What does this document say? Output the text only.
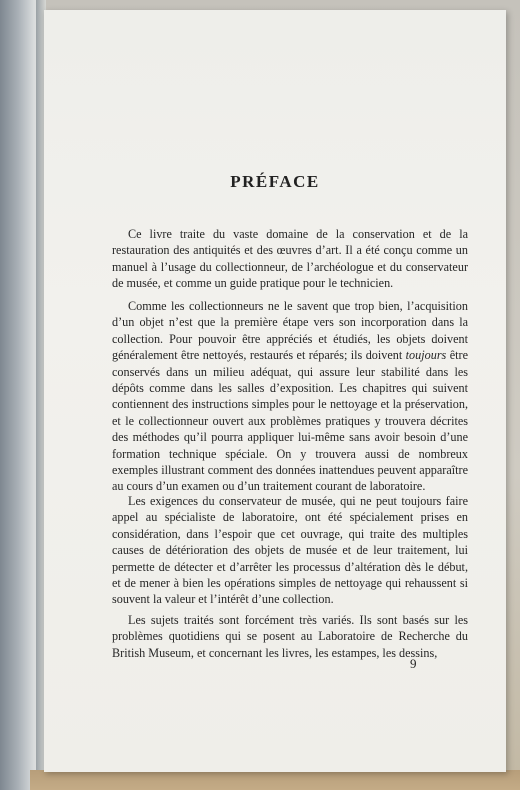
PRÉFACE

Ce livre traite du vaste domaine de la conservation et de la restauration des antiquités et des œuvres d’art. Il a été conçu comme un manuel à l’usage du collectionneur, de l’archéologue et du conservateur de musée, et comme un guide pratique pour le technicien.

Comme les collectionneurs ne le savent que trop bien, l’acquisition d’un objet n’est que la première étape vers son incorporation dans la collection. Pour pouvoir être appréciés et étudiés, les objets doivent généralement être nettoyés, restaurés et réparés; ils doivent toujours être conservés dans un milieu adéquat, qui assure leur stabilité dans les dépôts comme dans les salles d’exposition. Les chapitres qui suivent contiennent des instructions simples pour le nettoyage et la préservation, et le collectionneur ouvert aux problèmes pratiques y trouvera décrites des méthodes qu’il pourra appliquer lui-même sans avoir besoin d’une formation technique spéciale. On y trouvera aussi de nombreux exemples illustrant comment des données inattendues peuvent apparaître au cours d’un examen ou d’un traitement courant de laboratoire.

Les exigences du conservateur de musée, qui ne peut toujours faire appel au spécialiste de laboratoire, ont été spécialement prises en considération, dans l’espoir que cet ouvrage, qui traite des multiples causes de détérioration des objets de musée et de leur traitement, lui permette de détecter et d’arrêter les processus d’altération dès le début, et de mener à bien les opérations simples de nettoyage qui rehaussent si souvent la valeur et l’intérêt d’une collection.

Les sujets traités sont forcément très variés. Ils sont basés sur les problèmes quotidiens qui se posent au Laboratoire de Recherche du British Museum, et concernant les livres, les estampes, les dessins,

9
